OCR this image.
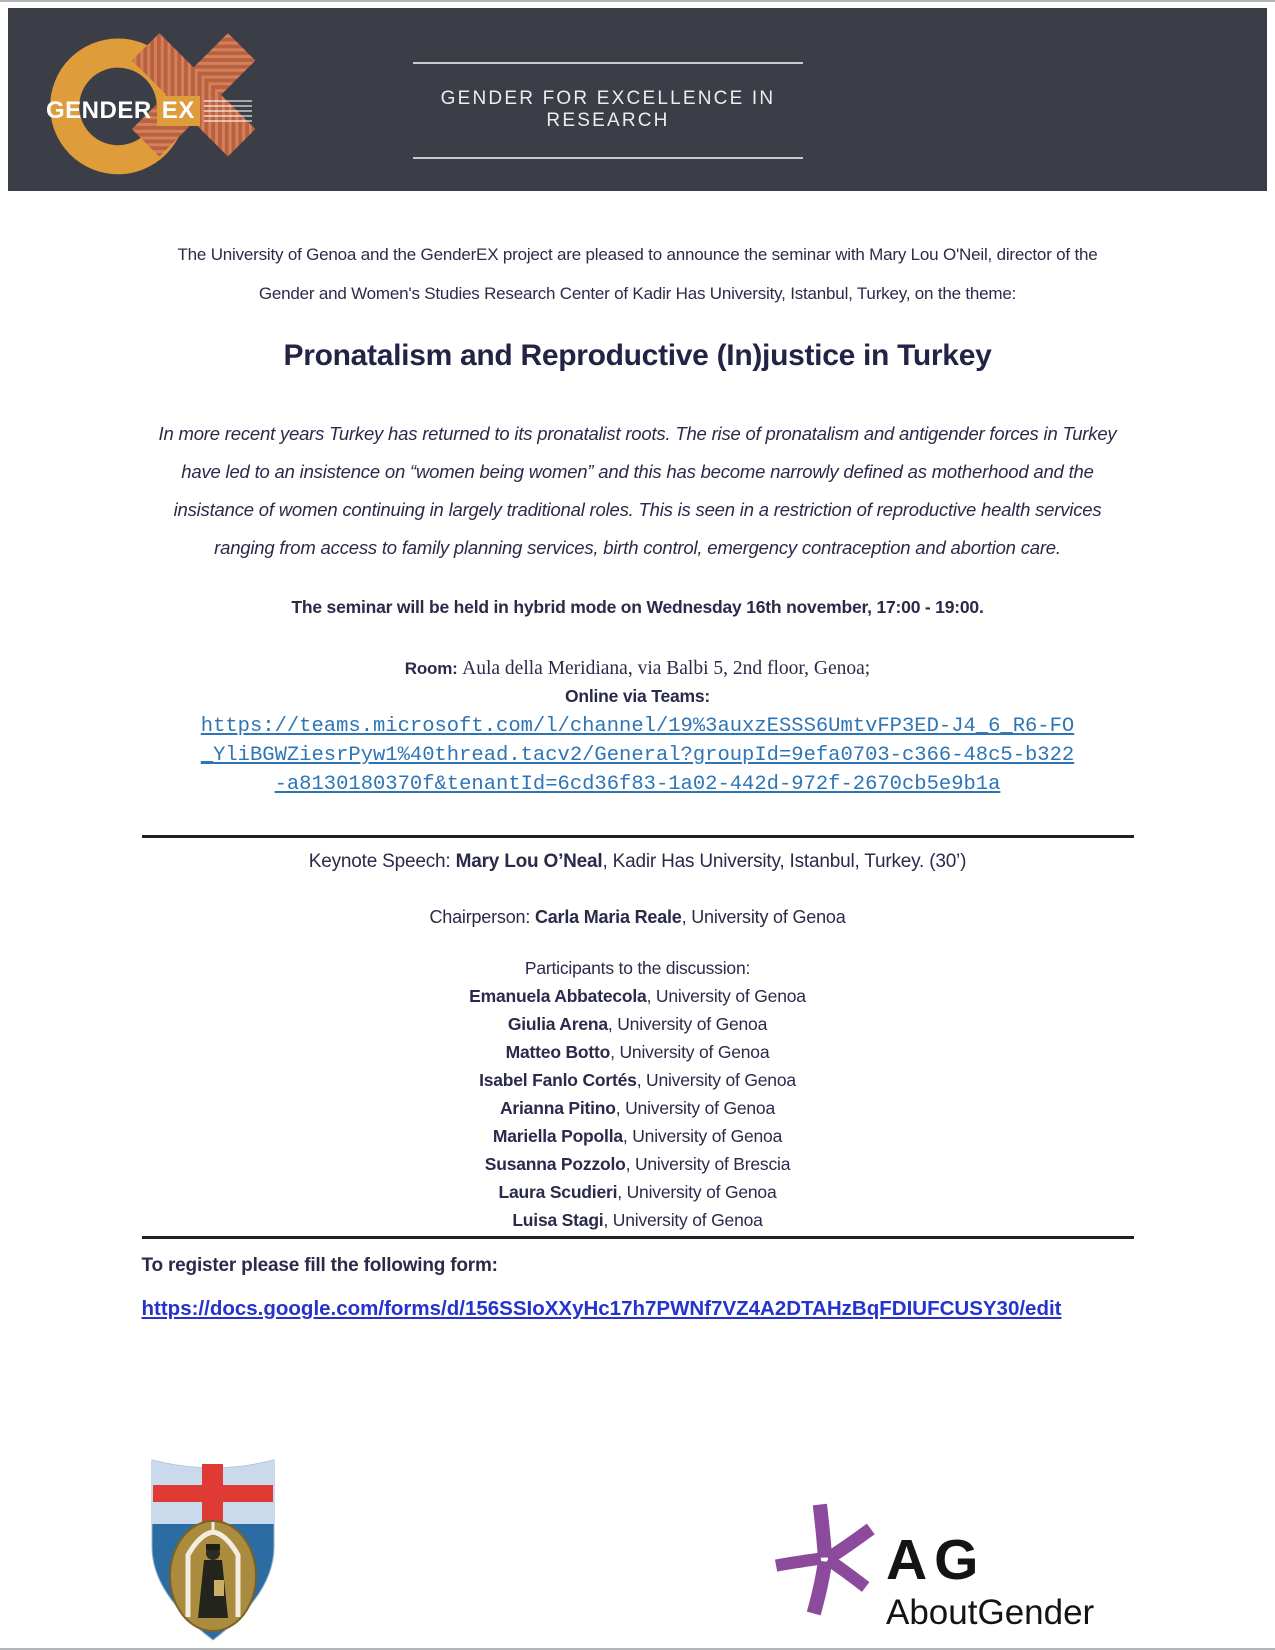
GENDER EX	GENDER FOR EXCELLENCE IN RESEARCH

The University of Genoa and the GenderEX project are pleased to announce the seminar with Mary Lou O'Neil, director of the Gender and Women's Studies Research Center of Kadir Has University, Istanbul, Turkey, on the theme:

Pronatalism and Reproductive (In)justice in Turkey

In more recent years Turkey has returned to its pronatalist roots. The rise of pronatalism and antigender forces in Turkey have led to an insistence on “women being women” and this has become narrowly defined as motherhood and the insistance of women continuing in largely traditional roles. This is seen in a restriction of reproductive health services ranging from access to family planning services, birth control, emergency contraception and abortion care.

The seminar will be held in hybrid mode on Wednesday 16th november, 17:00 - 19:00.

Room: Aula della Meridiana, via Balbi 5, 2nd floor, Genoa;

Online via Teams:

https://teams.microsoft.com/l/channel/19%3auxzESSS6UmtvFP3ED-J4_6_R6-FO_YliBGWZiesrPyw1%40thread.tacv2/General?groupId=9efa0703-c366-48c5-b322-a8130180370f&tenantId=6cd36f83-1a02-442d-972f-2670cb5e9b1a

Keynote Speech: Mary Lou O’Neal, Kadir Has University, Istanbul, Turkey. (30’)

Chairperson: Carla Maria Reale, University of Genoa

Participants to the discussion:

Emanuela Abbatecola, University of Genoa

Giulia Arena, University of Genoa

Matteo Botto, University of Genoa

Isabel Fanlo Cortés, University of Genoa

Arianna Pitino, University of Genoa

Mariella Popolla, University of Genoa

Susanna Pozzolo, University of Brescia

Laura Scudieri, University of Genoa

Luisa Stagi, University of Genoa

To register please fill the following form:

https://docs.google.com/forms/d/156SSIoXXyHc17h7PWNf7VZ4A2DTAHzBqFDIUFCUSY30/edit
AG
AboutGender
